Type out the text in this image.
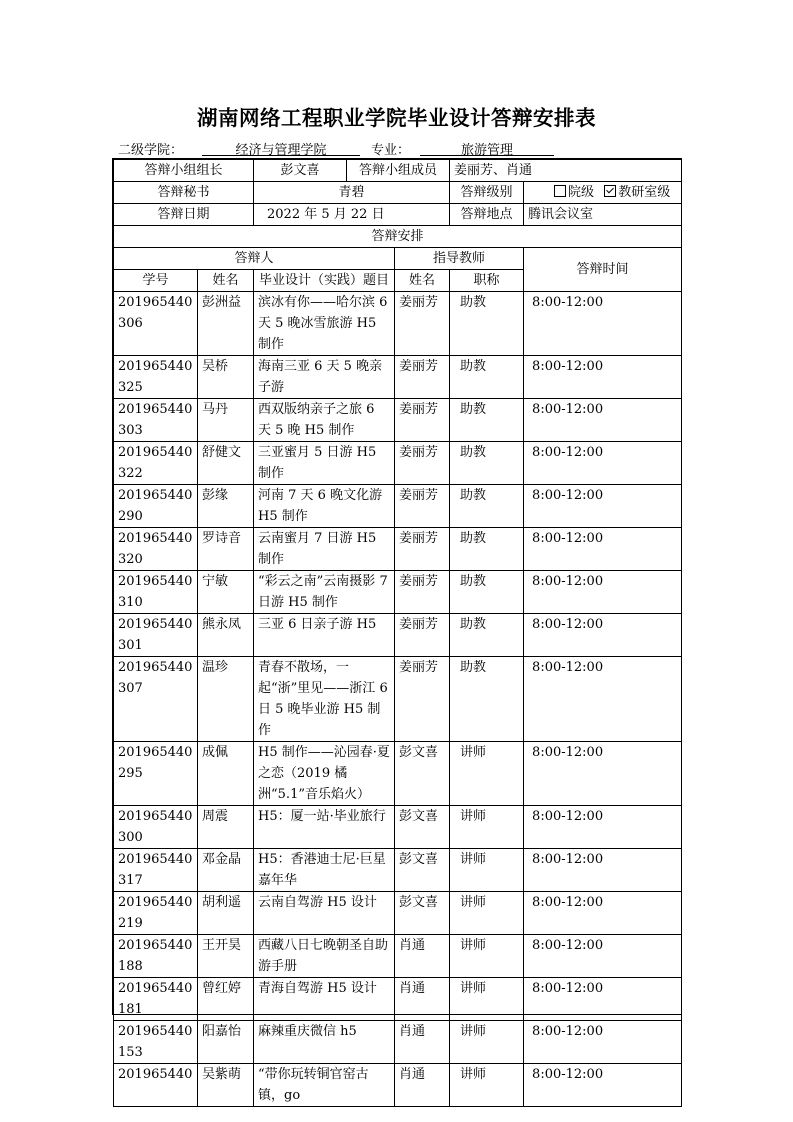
湖南网络工程职业学院毕业设计答辩安排表
二级学院：	经济与管理学院	专业：	旅游管理
答辩小组组长		彭文喜	答辩小组成员		姜丽芳、肖通	
答辩秘书		青碧			答辩级别	院级 教研室级
答辩日期		2022 年 5 月 22 日			答辩地点	腾讯会议室
答辩安排						
答辩人				指导教师		答辩时间
学号	姓名	毕业设计（实践）题目		姓名	职称	

201965440
306	彭洲益	滨冰有你——哈尔滨 6 天 5 晚冰雪旅游 H5 制作		姜丽芳	助教	8:00-12:00

201965440
325	吴桥	海南三亚 6 天 5 晚亲子游		姜丽芳	助教	8:00-12:00

201965440
303	马丹	西双版纳亲子之旅 6 天 5 晚 H5 制作		姜丽芳	助教	8:00-12:00

201965440
322	舒健文	三亚蜜月 5 日游 H5 制作		姜丽芳	助教	8:00-12:00

201965440
290	彭缘	河南 7 天 6 晚文化游 H5 制作		姜丽芳	助教	8:00-12:00

201965440
320	罗诗音	云南蜜月 7 日游 H5 制作		姜丽芳	助教	8:00-12:00

201965440
310	宁敏	“彩云之南”云南摄影 7 日游 H5 制作		姜丽芳	助教	8:00-12:00

201965440
301	熊永凤	三亚 6 日亲子游 H5		姜丽芳	助教	8:00-12:00

201965440
307	温珍	青春不散场，一起“浙”里见——浙江 6 日 5 晚毕业游 H5 制作		姜丽芳	助教	8:00-12:00

201965440
295	成佩	H5 制作——沁园春·夏之恋（2019 橘洲“5.1”音乐焰火）		彭文喜	讲师	8:00-12:00

201965440
300	周震	H5：厦一站·毕业旅行		彭文喜	讲师	8:00-12:00

201965440
317	邓金晶	H5：香港迪士尼·巨星嘉年华		彭文喜	讲师	8:00-12:00

201965440
219	胡利遥	云南自驾游 H5 设计		彭文喜	讲师	8:00-12:00

201965440
188	王开昊	西藏八日七晚朝圣自助游手册		肖通	讲师	8:00-12:00

201965440
181	曾红婷	青海自驾游 H5 设计		肖通	讲师	8:00-12:00

201965440
153	阳嘉怡	麻辣重庆微信 h5		肖通	讲师	8:00-12:00

201965440	吴紫萌	“带你玩转铜官窑古镇，go		肖通	讲师	8:00-12:00
